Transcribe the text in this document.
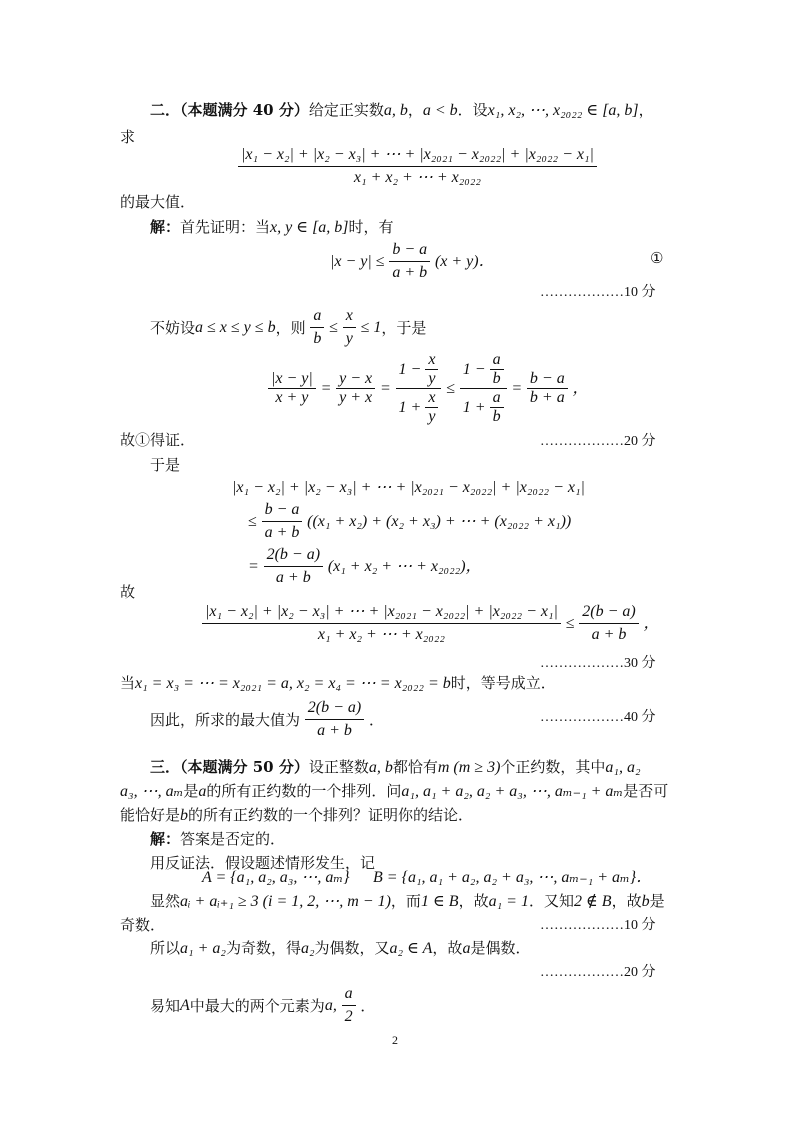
二．（本题满分 40 分）给定正实数a, b，a < b．设x₁, x₂, ⋯, x₂₀₂₂ ∈ [a, b]，
求
$\frac{\text{|x₁ − x₂| + |x₂ − x₃| + ⋯ + |x₂₀₂₁ − x₂₀₂₂| + |x₂₀₂₂ − x₁|}}{\text{x₁ + x₂ + ⋯ + x₂₀₂₂}}$
的最大值．
解：首先证明：当x, y ∈ [a, b]时，有
$|x - y| \le \frac{b - a}{a + b} (x + y)$．	①
………………10 分
不妨设a ≤ x ≤ y ≤ b，则 $\frac{a}{b} \le \frac{x}{y} \le 1$，于是
$\frac{|x - y|}{x + y} = \frac{y - x}{y + x} = \frac{1 - \frac{x}{y}}{1 + \frac{x}{y}} \le \frac{1 - \frac{a}{b}}{1 + \frac{a}{b}} = \frac{b - a}{b + a}$ ，
故①得证．	………………20 分
于是
|x₁ − x₂| + |x₂ − x₃| + ⋯ + |x₂₀₂₁ − x₂₀₂₂| + |x₂₀₂₂ − x₁|
≤ $\frac{b - a}{a + b} ((x_1 + x_2) + (x_2 + x_3)$ + ⋯ + (x₂₀₂₂ + x₁))
= $\frac{2(b - a)}{a + b} (x_1 + x_2$ + ⋯ + x₂₀₂₂)，
故
$\frac{\text{|x₁ − x₂| + |x₂ − x₃| + ⋯ + |x₂₀₂₁ − x₂₀₂₂| + |x₂₀₂₂ − x₁|}}{\text{x₁ + x₂ + ⋯ + x₂₀₂₂}} \le \frac{2(b - a)}{a + b}$ ，
………………30 分
当x₁ = x₃ = ⋯ = x₂₀₂₁ = a, x₂ = x₄ = ⋯ = x₂₀₂₂ = b时，等号成立．
因此，所求的最大值为 $\frac{2(b - a)}{a + b}$ ．	………………40 分
三．（本题满分 50 分）设正整数a, b都恰有m (m ≥ 3)个正约数，其中a₁, a₂
a₃, ⋯, aₘ是a的所有正约数的一个排列．问a₁, a₁ + a₂, a₂ + a₃, ⋯, aₘ₋₁ + aₘ是否可
能恰好是b的所有正约数的一个排列？证明你的结论．
解：答案是否定的．
用反证法．假设题述情形发生，记
A = {a₁, a₂, a₃, ⋯, aₘ} B = {a₁, a₁ + a₂, a₂ + a₃, ⋯, aₘ₋₁ + aₘ}．
显然aᵢ + aᵢ₊₁ ≥ 3 (i = 1, 2, ⋯, m − 1)，而1 ∈ B，故a₁ = 1．又知2 ∉ B，故b是
奇数．	………………10 分
所以a₁ + a₂为奇数，得a₂为偶数，又a₂ ∈ A，故a是偶数．
………………20 分
易知A中最大的两个元素为a, $\frac{a}{2}$ ．
2
